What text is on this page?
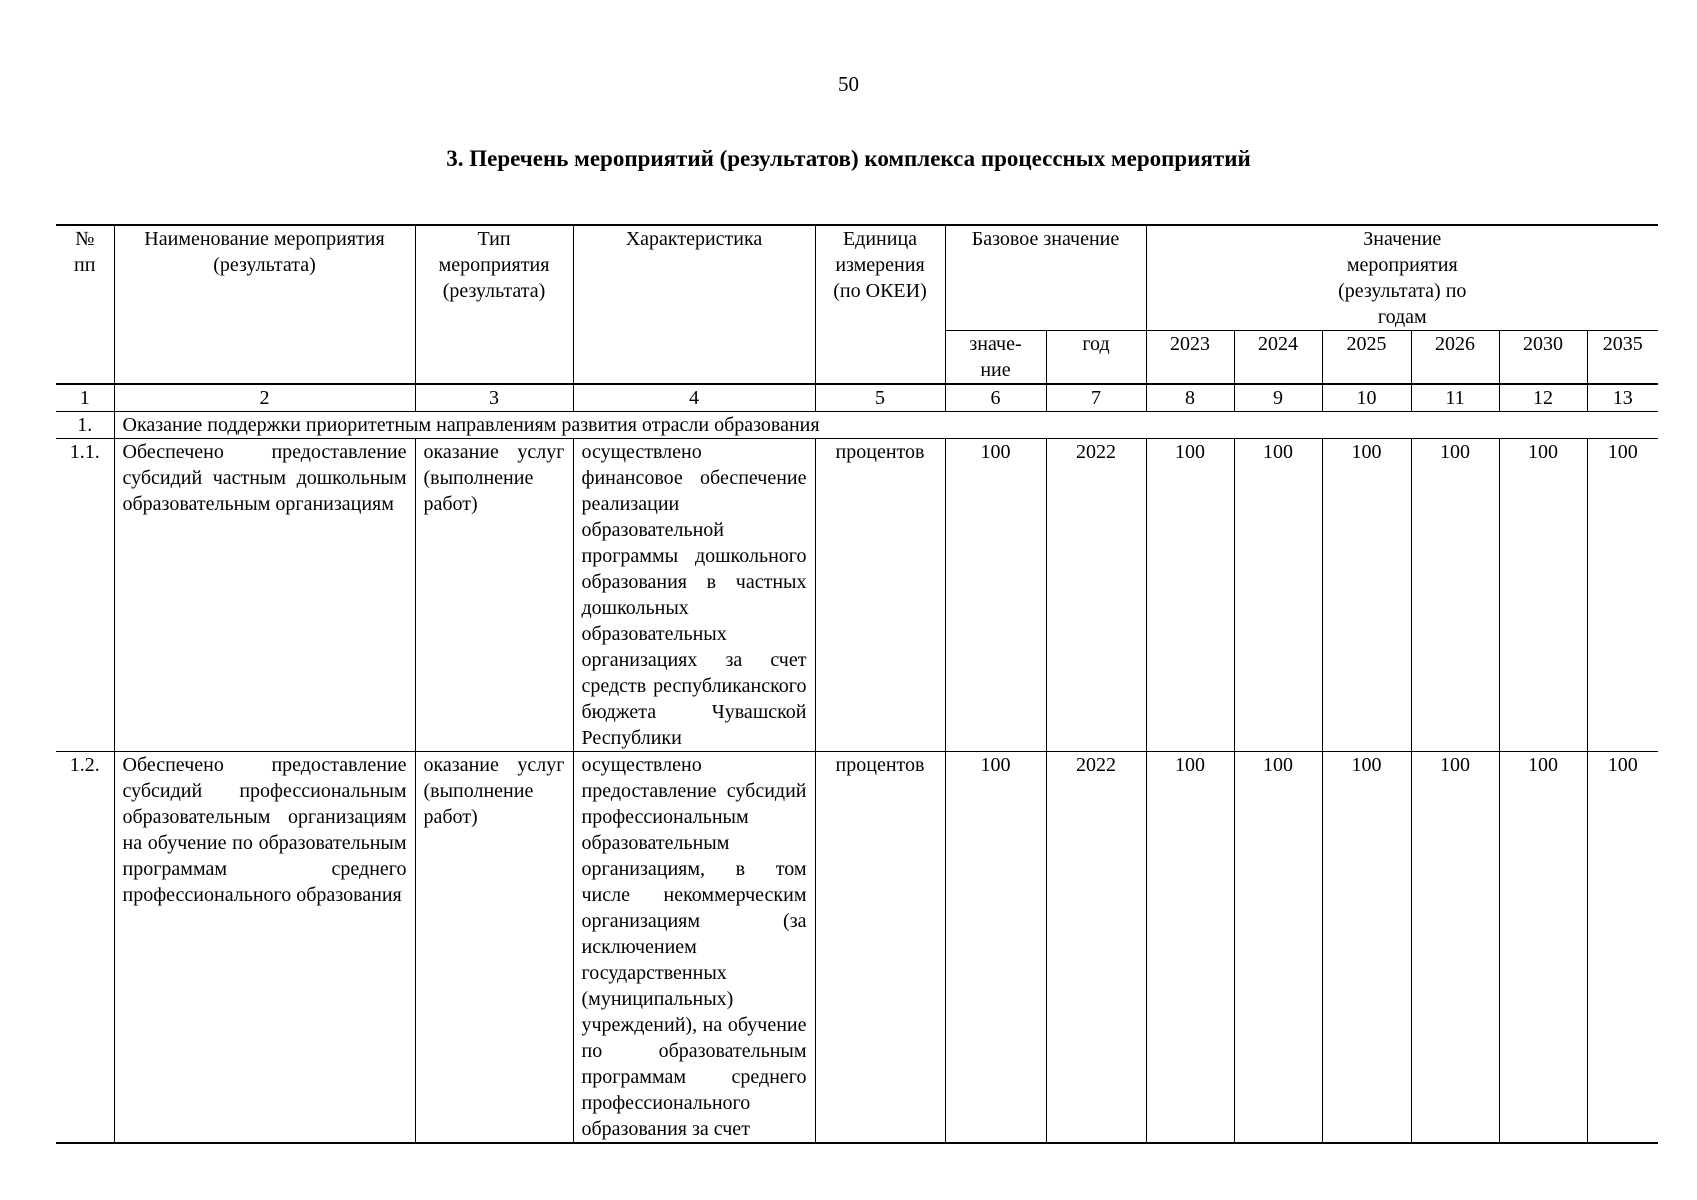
50
3. Перечень мероприятий (результатов) комплекса процессных мероприятий
№ пп	Наименование мероприятия (результата)	Тип мероприятия (результата)	Характеристика	Единица измерения (по ОКЕИ)	Базовое значение		Значение мероприятия (результата) по годам					
					значе-ние	год	2023	2024	2025	2026	2030	2035
1	2	3	4	5	6	7	8	9	10	11	12	13
1.	Оказание поддержки приоритетным направлениям развития отрасли образования											
1.1.	Обеспечено предоставление субсидий частным дошкольным образовательным организациям	оказание услуг (выполнение работ)	осуществлено финансовое обеспечение реализации образовательной программы дошкольного образования в частных дошкольных образовательных организациях за счет средств республиканского бюджета Чувашской Республики	процентов	100	2022	100	100	100	100	100	100
1.2.	Обеспечено предоставление субсидий профессиональным образовательным организациям на обучение по образовательным программам среднего профессионального образования	оказание услуг (выполнение работ)	осуществлено предоставление субсидий профессиональным образовательным организациям, в том числе некоммерческим организациям (за исключением государственных (муниципальных) учреждений), на обучение по образовательным программам среднего профессионального образования за счет	процентов	100	2022	100	100	100	100	100	100
